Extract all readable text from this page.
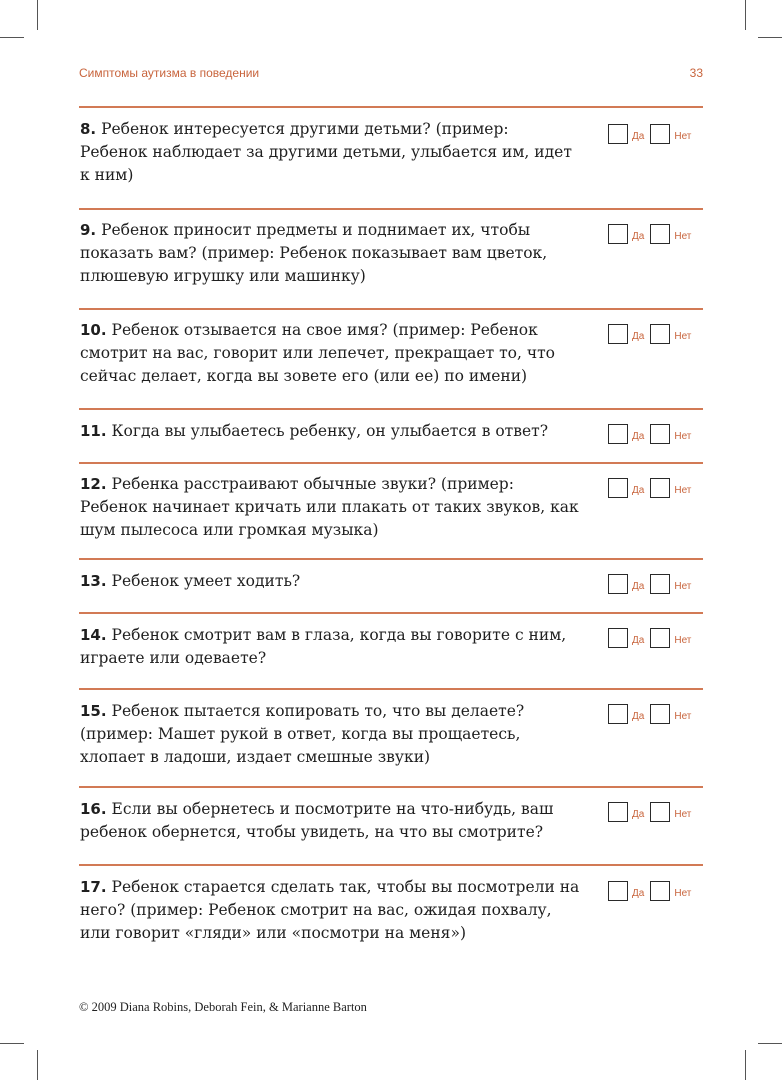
Симптомы аутизма в поведении	33
8. Ребенок интересуется другими детьми? (пример: Ребенок наблюдает за другими детьми, улыбается им, идет к ним)
Да	Нет
9. Ребенок приносит предметы и поднимает их, чтобы показать вам? (пример: Ребенок показывает вам цветок, плюшевую игрушку или машинку)
Да	Нет
10. Ребенок отзывается на свое имя? (пример: Ребенок смотрит на вас, говорит или лепечет, прекращает то, что сейчас делает, когда вы зовете его (или ее) по имени)
Да	Нет
11. Когда вы улыбаетесь ребенку, он улыбается в ответ?	Да	Нет
12. Ребенка расстраивают обычные звуки? (пример: Ребенок начинает кричать или плакать от таких звуков, как шум пылесоса или громкая музыка)
Да	Нет
13. Ребенок умеет ходить?	Да	Нет
14. Ребенок смотрит вам в глаза, когда вы говорите с ним, играете или одеваете?
Да	Нет
15. Ребенок пытается копировать то, что вы делаете? (пример: Машет рукой в ответ, когда вы прощаетесь, хлопает в ладоши, издает смешные звуки)
Да	Нет
16. Если вы обернетесь и посмотрите на что-нибудь, ваш ребенок обернется, чтобы увидеть, на что вы смотрите?
Да	Нет
17. Ребенок старается сделать так, чтобы вы посмотрели на него? (пример: Ребенок смотрит на вас, ожидая похвалу, или говорит «гляди» или «посмотри на меня»)
Да	Нет
© 2009 Diana Robins, Deborah Fein, & Marianne Barton
